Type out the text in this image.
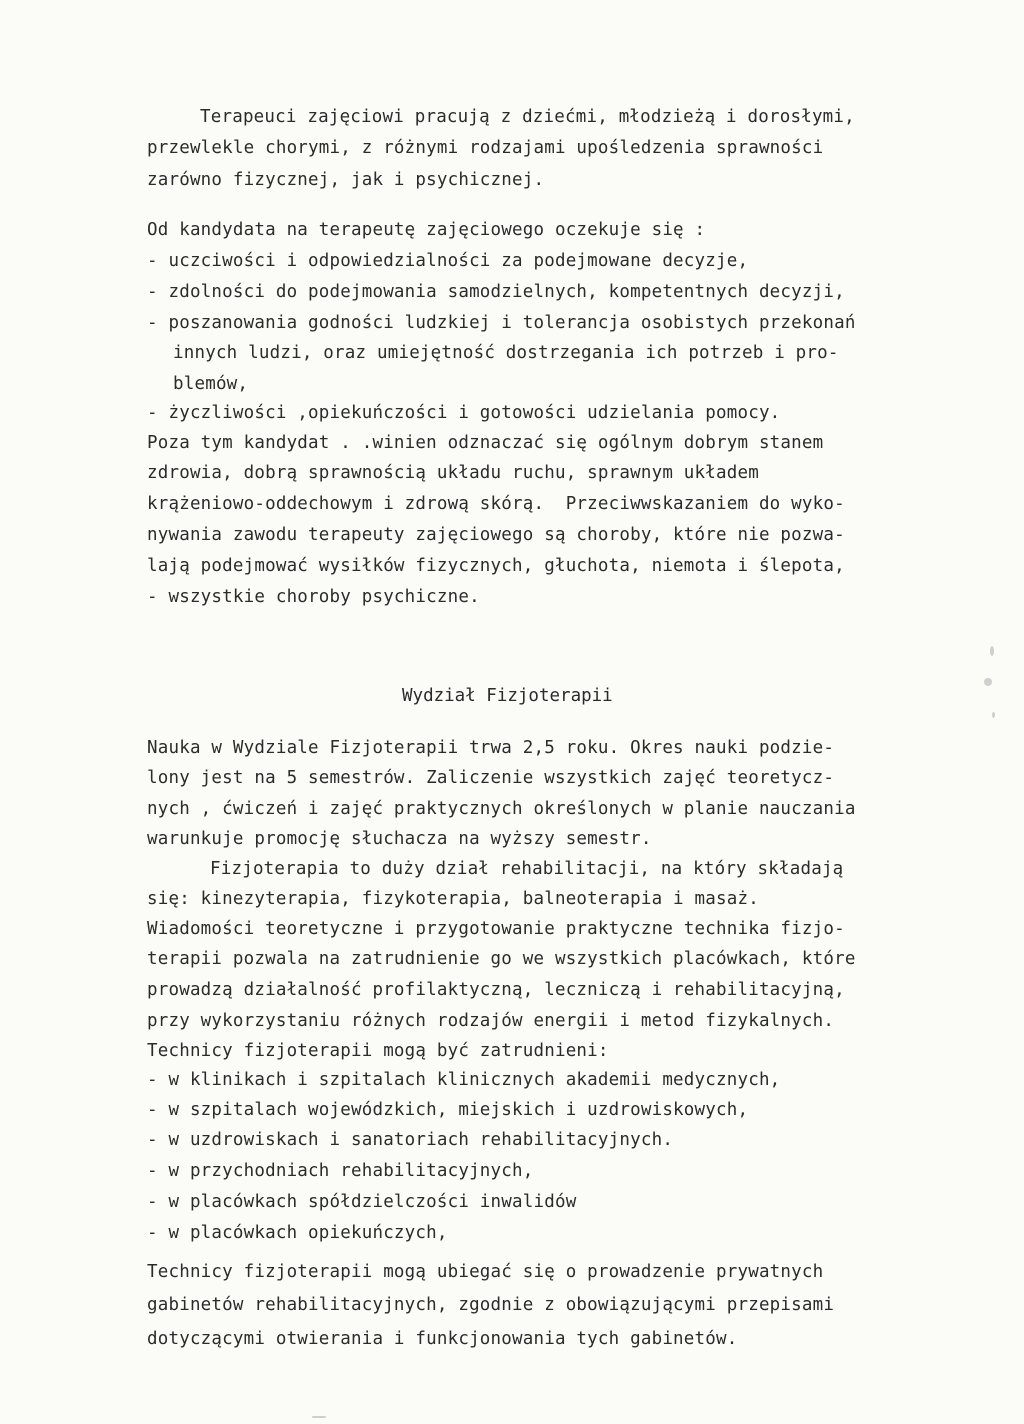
Terapeuci zajęciowi pracują z dziećmi, młodzieżą i dorosłymi,
przewlekle chorymi, z różnymi rodzajami upośledzenia sprawności
zarówno fizycznej, jak i psychicznej.
Od kandydata na terapeutę zajęciowego oczekuje się :
- uczciwości i odpowiedzialności za podejmowane decyzje,
- zdolności do podejmowania samodzielnych, kompetentnych decyzji,
- poszanowania godności ludzkiej i tolerancja osobistych przekonań
innych ludzi, oraz umiejętność dostrzegania ich potrzeb i pro-
blemów,
- życzliwości ,opiekuńczości i gotowości udzielania pomocy.
Poza tym kandydat . .winien odznaczać się ogólnym dobrym stanem
zdrowia, dobrą sprawnością układu ruchu, sprawnym układem
krążeniowo-oddechowym i zdrową skórą.  Przeciwwskazaniem do wyko-
nywania zawodu terapeuty zajęciowego są choroby, które nie pozwa-
lają podejmować wysiłków fizycznych, głuchota, niemota i ślepota,
- wszystkie choroby psychiczne.
Wydział Fizjoterapii
Nauka w Wydziale Fizjoterapii trwa 2,5 roku. Okres nauki podzie-
lony jest na 5 semestrów. Zaliczenie wszystkich zajęć teoretycz-
nych , ćwiczeń i zajęć praktycznych określonych w planie nauczania
warunkuje promocję słuchacza na wyższy semestr.
Fizjoterapia to duży dział rehabilitacji, na który składają
się: kinezyterapia, fizykoterapia, balneoterapia i masaż.
Wiadomości teoretyczne i przygotowanie praktyczne technika fizjo-
terapii pozwala na zatrudnienie go we wszystkich placówkach, które
prowadzą działalność profilaktyczną, leczniczą i rehabilitacyjną,
przy wykorzystaniu różnych rodzajów energii i metod fizykalnych.
Technicy fizjoterapii mogą być zatrudnieni:
- w klinikach i szpitalach klinicznych akademii medycznych,
- w szpitalach wojewódzkich, miejskich i uzdrowiskowych,
- w uzdrowiskach i sanatoriach rehabilitacyjnych.
- w przychodniach rehabilitacyjnych,
- w placówkach spółdzielczości inwalidów
- w placówkach opiekuńczych,
Technicy fizjoterapii mogą ubiegać się o prowadzenie prywatnych
gabinetów rehabilitacyjnych, zgodnie z obowiązującymi przepisami
dotyczącymi otwierania i funkcjonowania tych gabinetów.
